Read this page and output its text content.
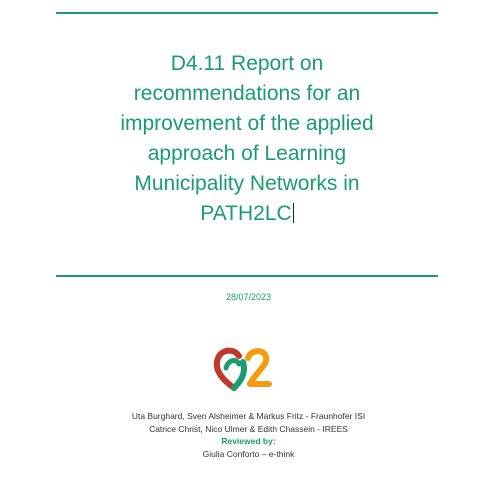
D4.11 Report on
recommendations for an
improvement of the applied
approach of Learning
Municipality Networks in
PATH2LC
28/07/2023
Uta Burghard, Sven Alsheimer & Markus Fritz - Fraunhofer ISI
Catrice Christ, Nico Ulmer & Edith Chassein - IREES
Reviewed by:
Giulia Conforto – e-think
